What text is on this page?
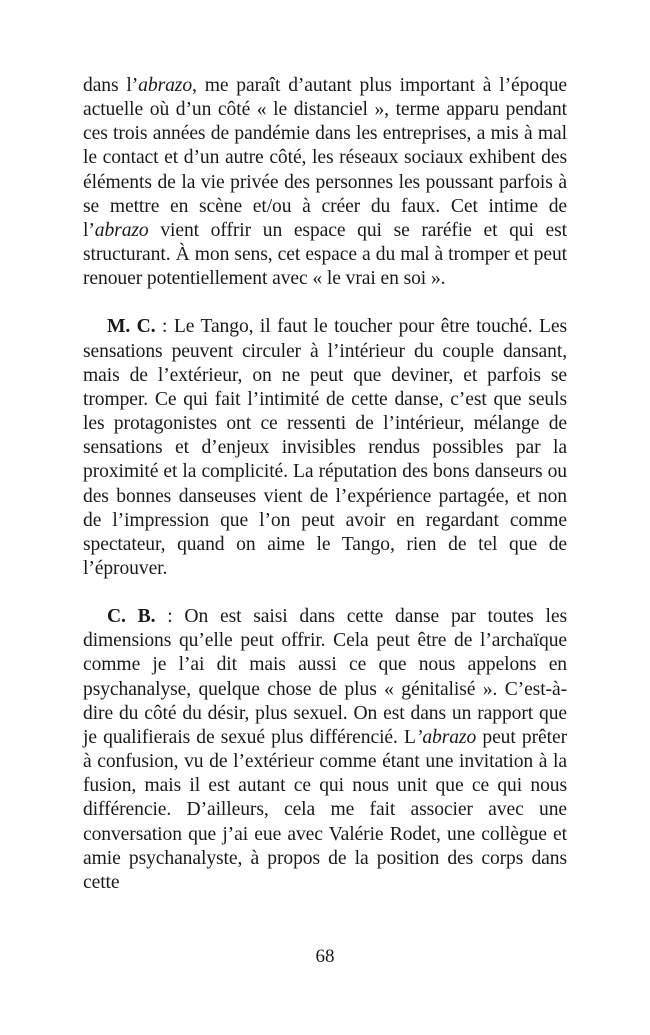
dans l’abrazo, me paraît d’autant plus important à l’époque actuelle où d’un côté « le distanciel », terme apparu pendant ces trois années de pandémie dans les entreprises, a mis à mal le contact et d’un autre côté, les réseaux sociaux exhibent des éléments de la vie privée des personnes les poussant parfois à se mettre en scène et/ou à créer du faux. Cet intime de l’abrazo vient offrir un espace qui se raréfie et qui est structurant. À mon sens, cet espace a du mal à tromper et peut renouer potentiellement avec « le vrai en soi ».

M. C. : Le Tango, il faut le toucher pour être touché. Les sensations peuvent circuler à l’intérieur du couple dansant, mais de l’extérieur, on ne peut que deviner, et parfois se tromper. Ce qui fait l’intimité de cette danse, c’est que seuls les protagonistes ont ce ressenti de l’intérieur, mélange de sensations et d’enjeux invisibles rendus possibles par la proximité et la complicité. La réputation des bons danseurs ou des bonnes danseuses vient de l’expérience partagée, et non de l’impression que l’on peut avoir en regardant comme spectateur, quand on aime le Tango, rien de tel que de l’éprouver.

C. B. : On est saisi dans cette danse par toutes les dimensions qu’elle peut offrir. Cela peut être de l’archaïque comme je l’ai dit mais aussi ce que nous appelons en psychanalyse, quelque chose de plus « génitalisé ». C’est-à-dire du côté du désir, plus sexuel. On est dans un rapport que je qualifierais de sexué plus différencié. L’abrazo peut prêter à confusion, vu de l’extérieur comme étant une invitation à la fusion, mais il est autant ce qui nous unit que ce qui nous différencie. D’ailleurs, cela me fait associer avec une conversation que j’ai eue avec Valérie Rodet, une collègue et amie psychanalyste, à propos de la position des corps dans cette

68
